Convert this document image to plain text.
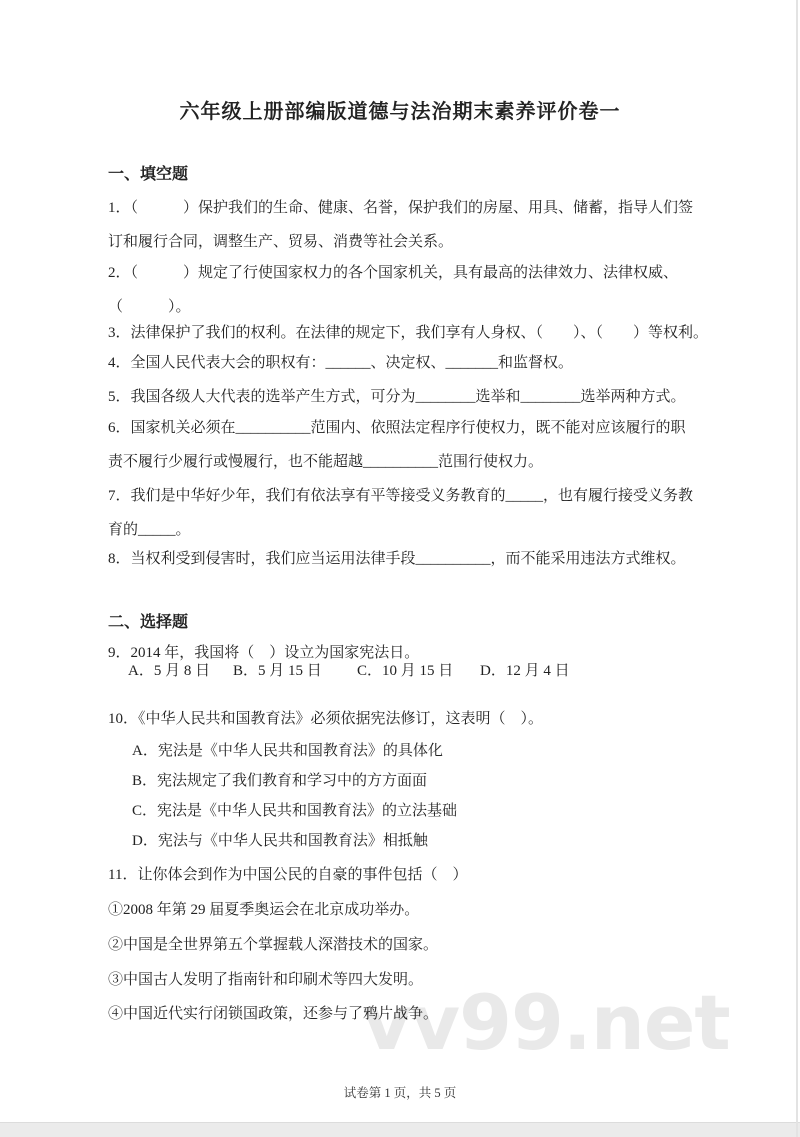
vv99.net
六年级上册部编版道德与法治期末素养评价卷一
一、填空题

1．（　　　）保护我们的生命、健康、名誉，保护我们的房屋、用具、储蓄，指导人们签订和履行合同，调整生产、贸易、消费等社会关系。

2．（　　　）规定了行使国家权力的各个国家机关，具有最高的法律效力、法律权威、（　　　）。

3．法律保护了我们的权利。在法律的规定下，我们享有人身权、（　　）、（　　）等权利。

4．全国人民代表大会的职权有：______、决定权、_______和监督权。

5．我国各级人大代表的选举产生方式，可分为________选举和________选举两种方式。

6．国家机关必须在__________范围内、依照法定程序行使权力，既不能对应该履行的职责不履行少履行或慢履行，也不能超越__________范围行使权力。

7．我们是中华好少年，我们有依法享有平等接受义务教育的_____，也有履行接受义务教育的_____。

8．当权利受到侵害时，我们应当运用法律手段__________，而不能采用违法方式维权。

二、选择题

9．2014 年，我国将（　）设立为国家宪法日。

A．5 月 8 日	B．5 月 15 日	C．10 月 15 日	D．12 月 4 日

10．《中华人民共和国教育法》必须依据宪法修订，这表明（　）。

A．宪法是《中华人民共和国教育法》的具体化

B．宪法规定了我们教育和学习中的方方面面

C．宪法是《中华人民共和国教育法》的立法基础

D．宪法与《中华人民共和国教育法》相抵触

11．让你体会到作为中国公民的自豪的事件包括（　）

①2008 年第 29 届夏季奥运会在北京成功举办。

②中国是全世界第五个掌握载人深潜技术的国家。

③中国古人发明了指南针和印刷术等四大发明。

④中国近代实行闭锁国政策，还参与了鸦片战争。

试卷第 1 页，共 5 页
